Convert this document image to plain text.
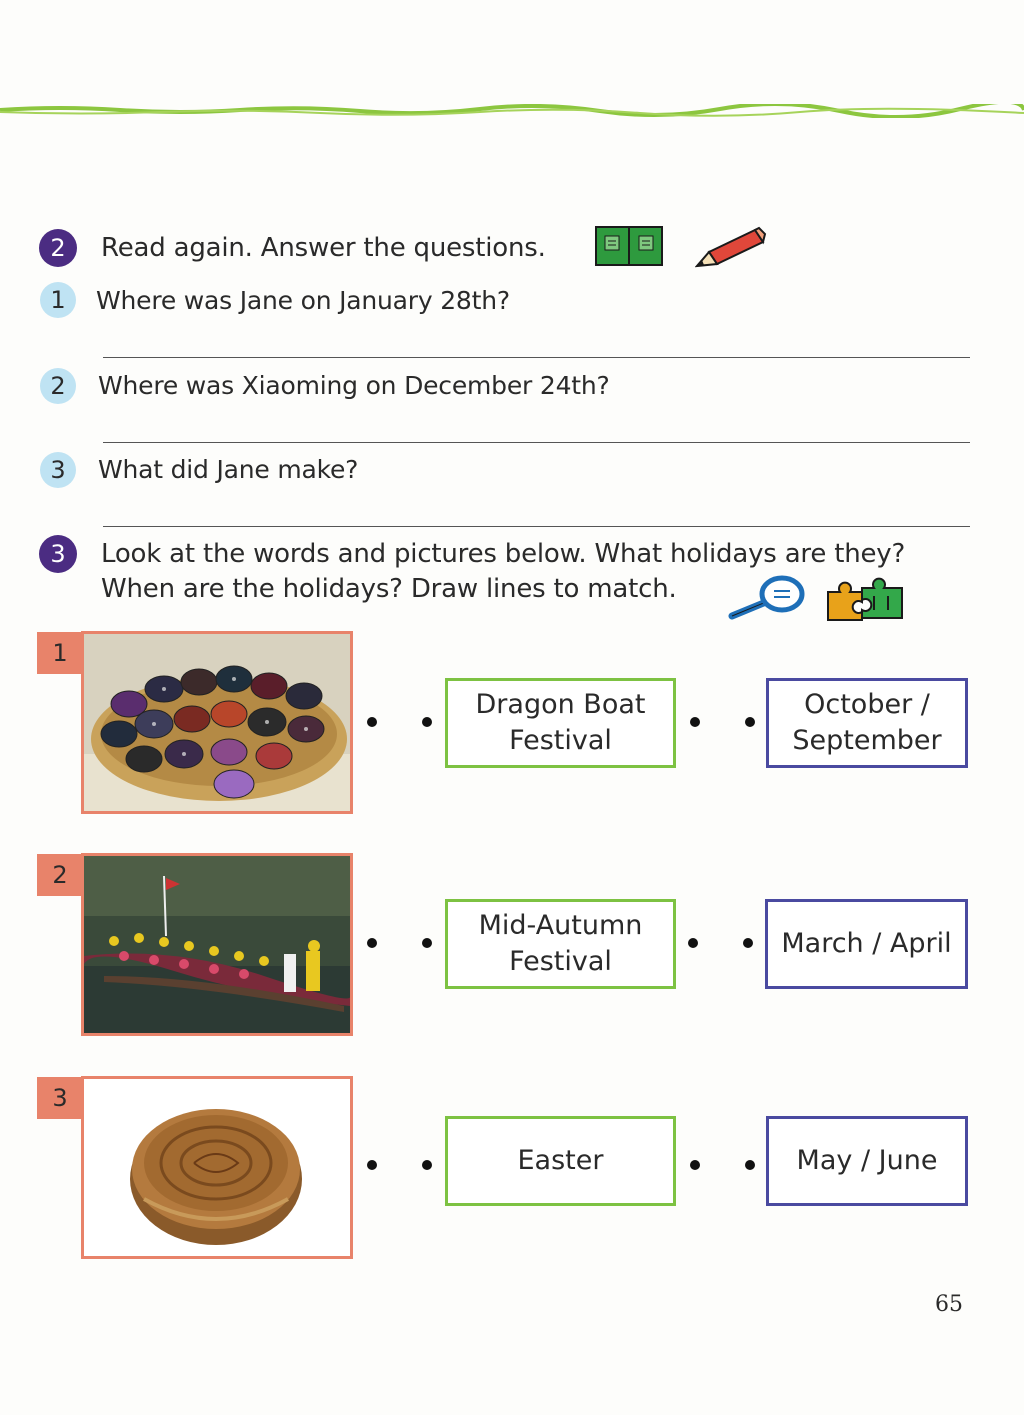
2 Read again. Answer the questions.
1 Where was Jane on January 28th?
2 Where was Xiaoming on December 24th?
3 What did Jane make?
3 Look at the words and pictures below. What holidays are they?
When are the holidays? Draw lines to match.
1
2
3
Dragon Boat
Festival
October /
September
Mid-Autumn
Festival
March / April
Easter	May / June
65
